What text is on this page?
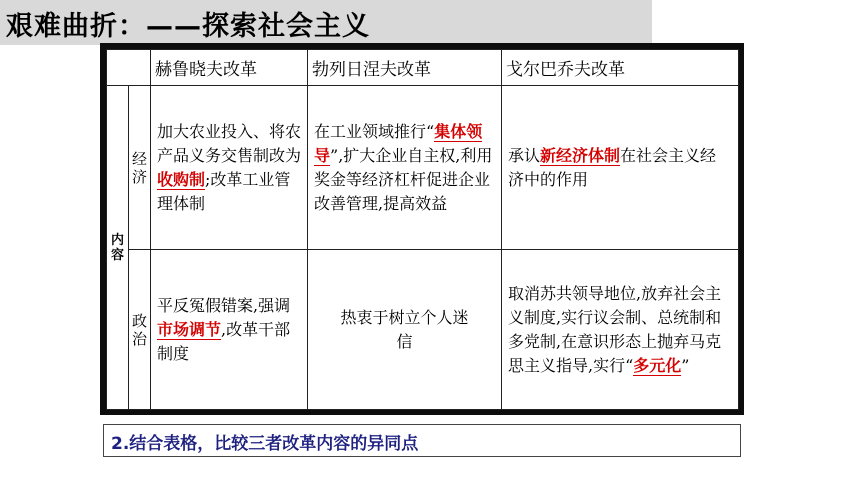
艰难曲折：——探索社会主义
		赫鲁晓夫改革	勃列日涅夫改革	戈尔巴乔夫改革
内容	经济	加大农业投入、将农产品义务交售制改为收购制;改革工业管理体制	在工业领域推行“集体领导”,扩大企业自主权,利用奖金等经济杠杆促进企业改善管理,提高效益	承认新经济体制在社会主义经济中的作用
	政治	平反冤假错案,强调市场调节,改革干部制度	热衷于树立个人迷信	取消苏共领导地位,放弃社会主义制度,实行议会制、总统制和多党制,在意识形态上抛弃马克思主义指导,实行“多元化”
2.结合表格，比较三者改革内容的异同点
